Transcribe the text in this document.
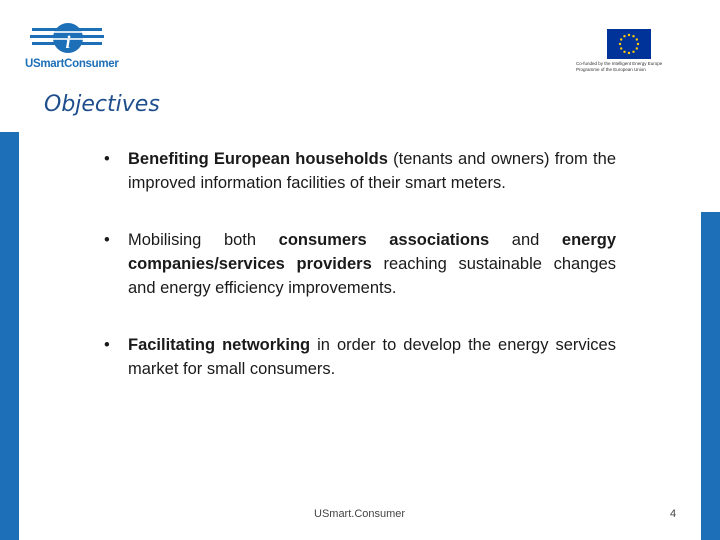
i
USmartConsumer	Co-funded by the Intelligent Energy Europe
Programme of the European Union
Objectives
• Benefiting European households (tenants and owners) from the improved information facilities of their smart meters.
• Mobilising both consumers associations and energy companies/services providers reaching sustainable changes and energy efficiency improvements.
• Facilitating networking in order to develop the energy services market for small consumers.
USmart.Consumer	4
